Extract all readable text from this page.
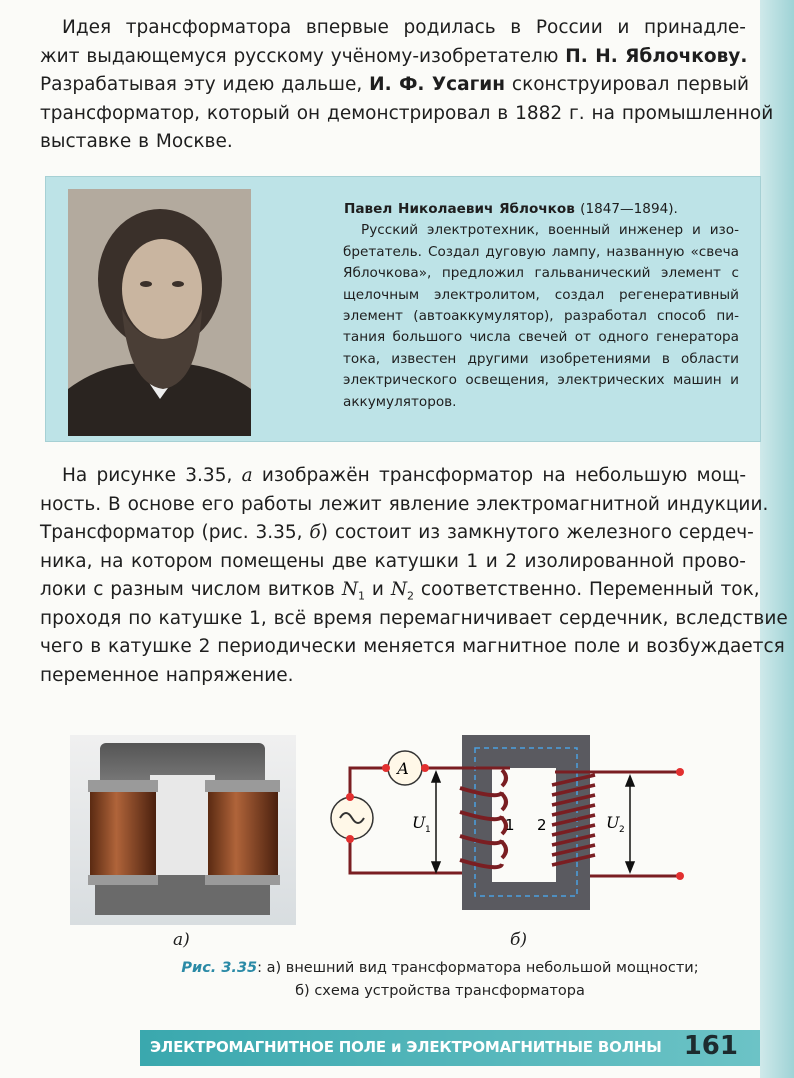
Идея трансформатора впервые родилась в России и принадле-
жит выдающемуся русскому учёному-изобретателю П. Н. Яблочкову.
Разрабатывая эту идею дальше, И. Ф. Усагин сконструировал первый
трансформатор, который он демонстрировал в 1882 г. на промышленной
выставке в Москве.
Павел Николаевич Яблочков (1847—1894).
Русский электротехник, военный инженер и изо-
бретатель. Создал дуговую лампу, названную «свеча
Яблочкова», предложил гальванический элемент с
щелочным электролитом, создал регенеративный
элемент (автоаккумулятор), разработал способ пи-
тания большого числа свечей от одного генератора
тока, известен другими изобретениями в области
электрического освещения, электрических машин и
аккумуляторов.
На рисунке 3.35, а изображён трансформатор на небольшую мощ-
ность. В основе его работы лежит явление электромагнитной индукции.
Трансформатор (рис. 3.35, б) состоит из замкнутого железного сердеч-
ника, на котором помещены две катушки 1 и 2 изолированной прово-
локи с разным числом витков $N_1$ и $N_2$ соответственно. Переменный ток,
проходя по катушке 1, всё время перемагничивает сердечник, вследствие
чего в катушке 2 периодически меняется магнитное поле и возбуждается
переменное напряжение.
A
U 1	U 2
1 2
а)	б)
Рис. 3.35: а) внешний вид трансформатора небольшой мощности;
б) схема устройства трансформатора
ЭЛЕКТРОМАГНИТНОЕ ПОЛЕ и ЭЛЕКТРОМАГНИТНЫЕ ВОЛНЫ 161
